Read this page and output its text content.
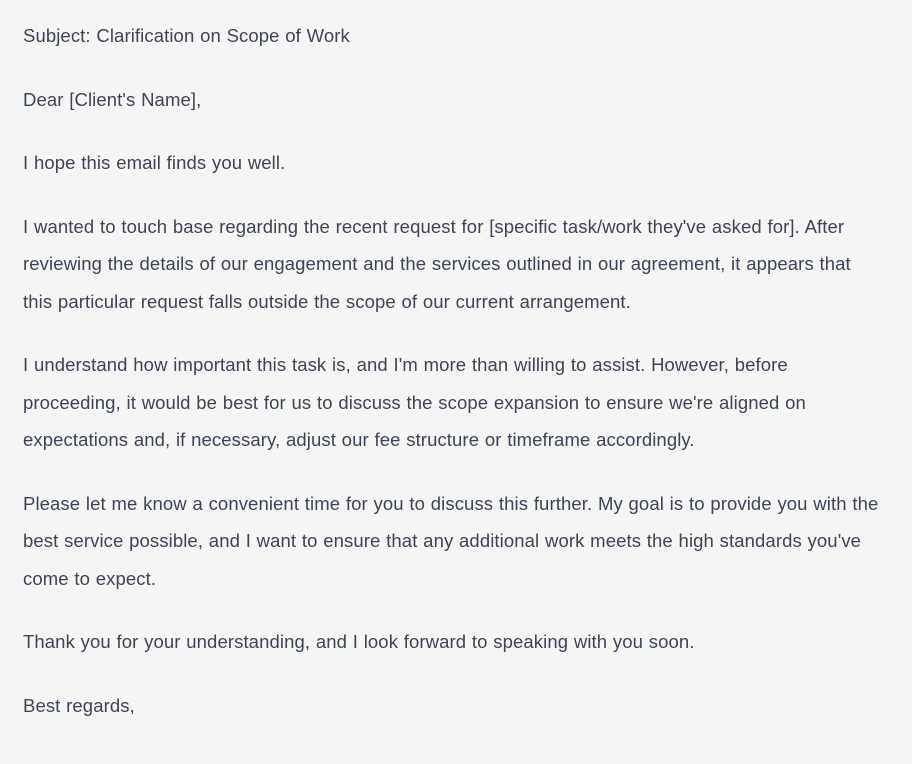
Subject: Clarification on Scope of Work

Dear [Client's Name],

I hope this email finds you well.

I wanted to touch base regarding the recent request for [specific task/work they've asked for]. After reviewing the details of our engagement and the services outlined in our agreement, it appears that this particular request falls outside the scope of our current arrangement.

I understand how important this task is, and I'm more than willing to assist. However, before proceeding, it would be best for us to discuss the scope expansion to ensure we're aligned on expectations and, if necessary, adjust our fee structure or timeframe accordingly.

Please let me know a convenient time for you to discuss this further. My goal is to provide you with the best service possible, and I want to ensure that any additional work meets the high standards you've come to expect.

Thank you for your understanding, and I look forward to speaking with you soon.

Best regards,
